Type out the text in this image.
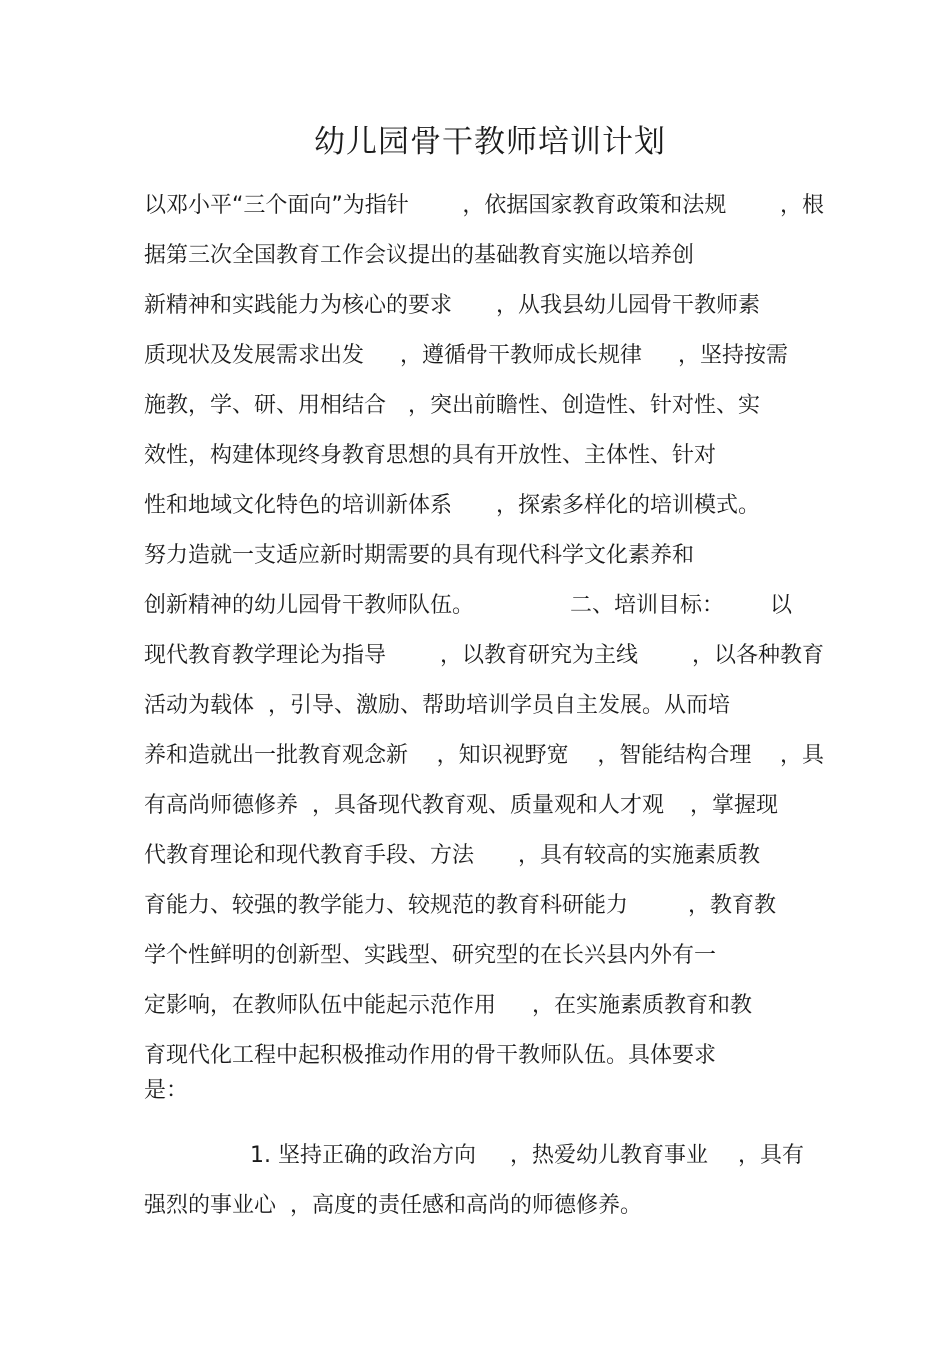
幼儿园骨干教师培训计划
以邓小平“三个面向”为指针 ，依据国家教育政策和法规 ，根
据第三次全国教育工作会议提出的基础教育实施以培养创
新精神和实践能力为核心的要求 ，从我县幼儿园骨干教师素
质现状及发展需求出发 ，遵循骨干教师成长规律 ，坚持按需
施教，学、研、用相结合 ，突出前瞻性、创造性、针对性、实
效性，构建体现终身教育思想的具有开放性、主体性、针对
性和地域文化特色的培训新体系 ，探索多样化的培训模式。
努力造就一支适应新时期需要的具有现代科学文化素养和
创新精神的幼儿园骨干教师队伍。	二、培训目标： 以
现代教育教学理论为指导 ，以教育研究为主线 ，以各种教育
活动为载体 ，引导、激励、帮助培训学员自主发展。从而培
养和造就出一批教育观念新 ，知识视野宽 ，智能结构合理 ，具
有高尚师德修养 ，具备现代教育观、质量观和人才观 ，掌握现
代教育理论和现代教育手段、方法 ，具有较高的实施素质教
育能力、较强的教学能力、较规范的教育科研能力	，教育教
学个性鲜明的创新型、实践型、研究型的在长兴县内外有一
定影响，在教师队伍中能起示范作用 ，在实施素质教育和教
育现代化工程中起积极推动作用的骨干教师队伍。具体要求
是：
1. 坚持正确的政治方向 ，热爱幼儿教育事业 ，具有
强烈的事业心 ，高度的责任感和高尚的师德修养。
